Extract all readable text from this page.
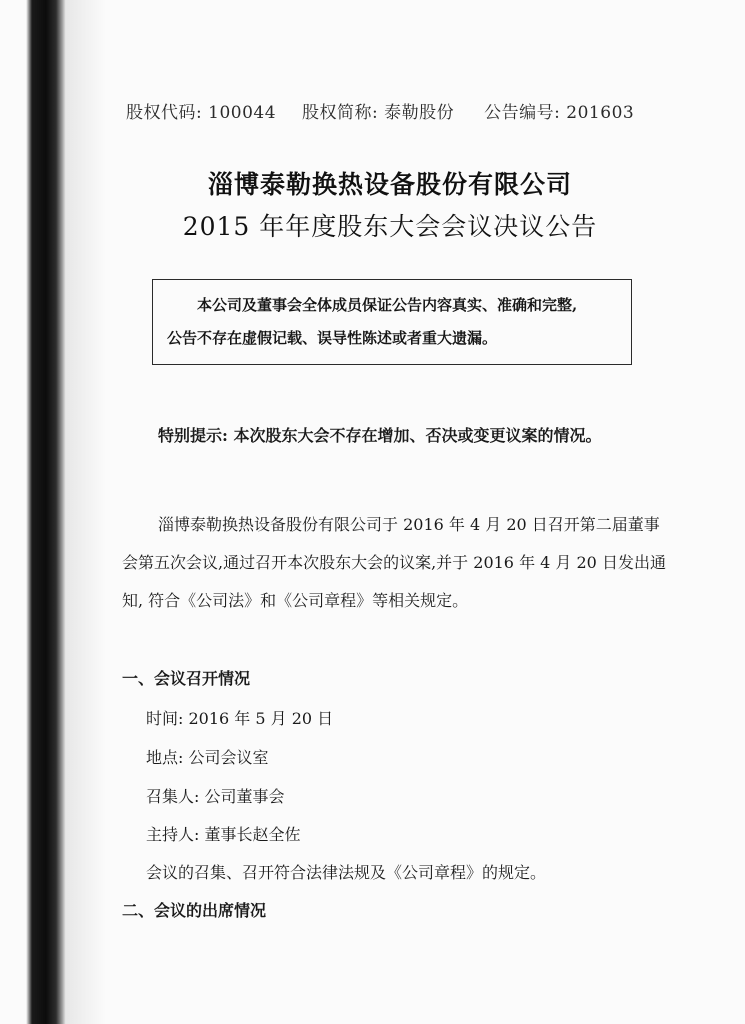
股权代码: 100044 股权简称: 泰勒股份 公告编号: 201603
淄博泰勒换热设备股份有限公司
2015 年年度股东大会会议决议公告
本公司及董事会全体成员保证公告内容真实、准确和完整,
公告不存在虚假记载、误导性陈述或者重大遗漏。
特别提示: 本次股东大会不存在增加、否决或变更议案的情况。
淄博泰勒换热设备股份有限公司于 2016 年 4 月 20 日召开第二届董事会第五次会议,通过召开本次股东大会的议案,并于 2016 年 4 月 20 日发出通知, 符合《公司法》和《公司章程》等相关规定。
一、会议召开情况
时间: 2016 年 5 月 20 日
地点: 公司会议室
召集人: 公司董事会
主持人: 董事长赵全佐
会议的召集、召开符合法律法规及《公司章程》的规定。
二、会议的出席情况
